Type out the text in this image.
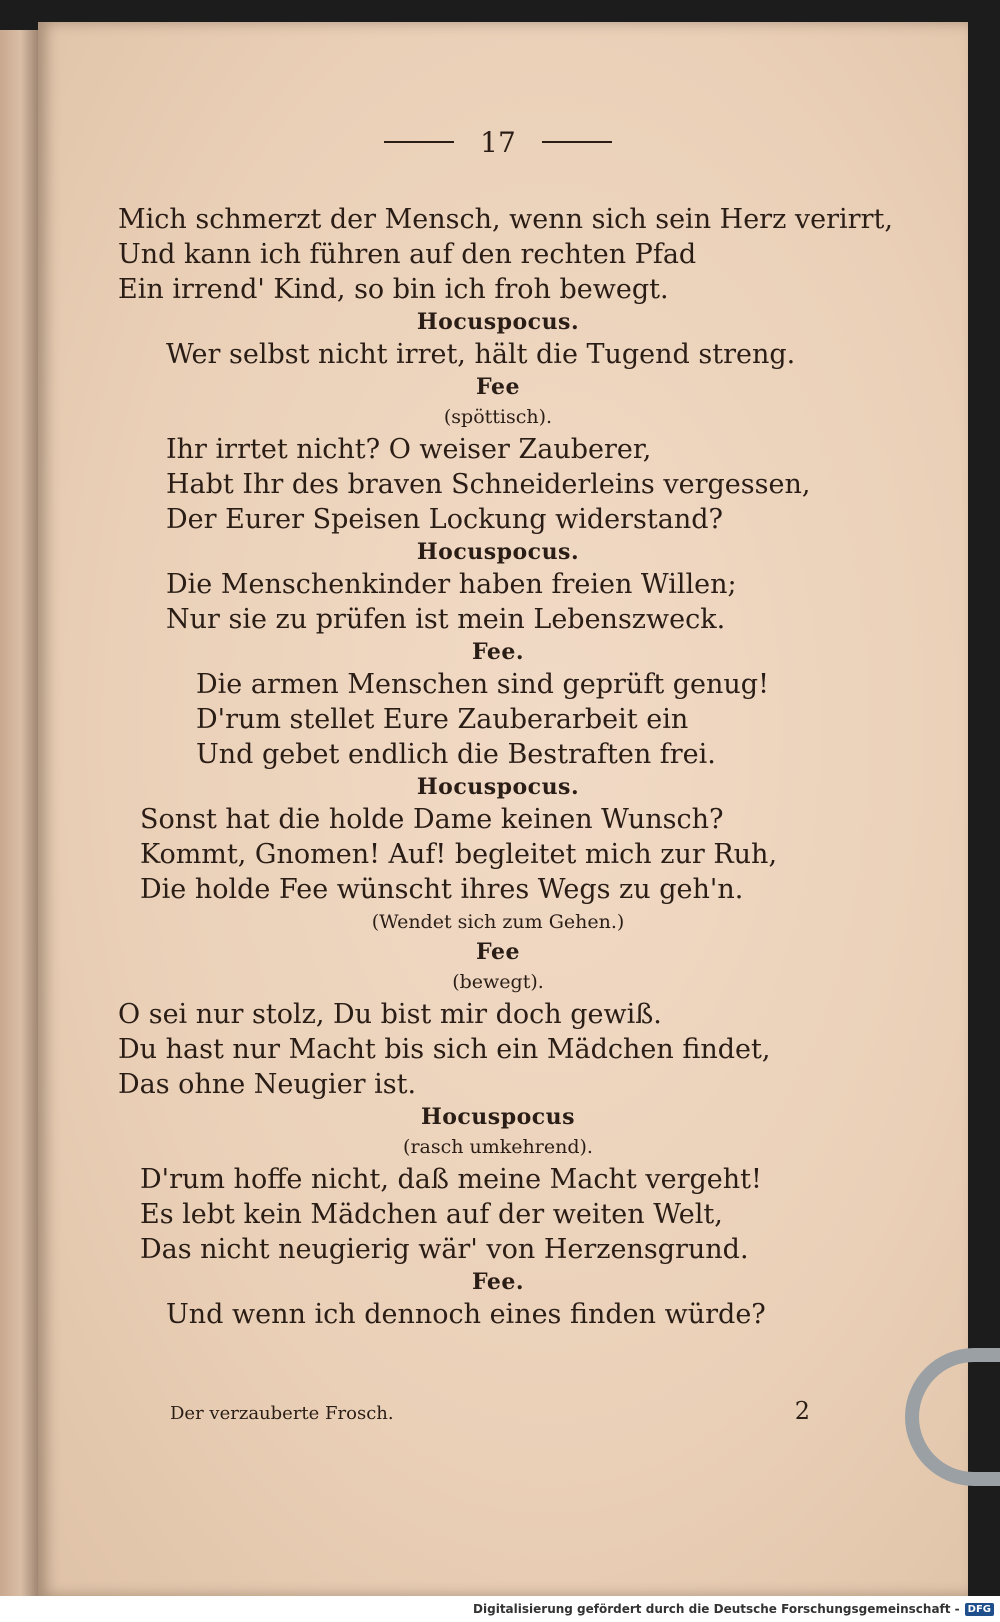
17
Mich schmerzt der Mensch, wenn sich sein Herz verirrt,
Und kann ich führen auf den rechten Pfad
Ein irrend' Kind, so bin ich froh bewegt.
Hocuspocus.
Wer selbst nicht irret, hält die Tugend streng.
Fee
(spöttisch).
Ihr irrtet nicht? O weiser Zauberer,
Habt Ihr des braven Schneiderleins vergessen,
Der Eurer Speisen Lockung widerstand?
Hocuspocus.
Die Menschenkinder haben freien Willen;
Nur sie zu prüfen ist mein Lebenszweck.
Fee.
Die armen Menschen sind geprüft genug!
D'rum stellet Eure Zauberarbeit ein
Und gebet endlich die Bestraften frei.
Hocuspocus.
Sonst hat die holde Dame keinen Wunsch?
Kommt, Gnomen! Auf! begleitet mich zur Ruh,
Die holde Fee wünscht ihres Wegs zu geh'n.
(Wendet sich zum Gehen.)
Fee
(bewegt).
O sei nur stolz, Du bist mir doch gewiß.
Du hast nur Macht bis sich ein Mädchen findet,
Das ohne Neugier ist.
Hocuspocus
(rasch umkehrend).
D'rum hoffe nicht, daß meine Macht vergeht!
Es lebt kein Mädchen auf der weiten Welt,
Das nicht neugierig wär' von Herzensgrund.
Fee.
Und wenn ich dennoch eines finden würde?
Der verzauberte Frosch.	2
Digitalisierung gefördert durch die Deutsche Forschungsgemeinschaft - DFG
